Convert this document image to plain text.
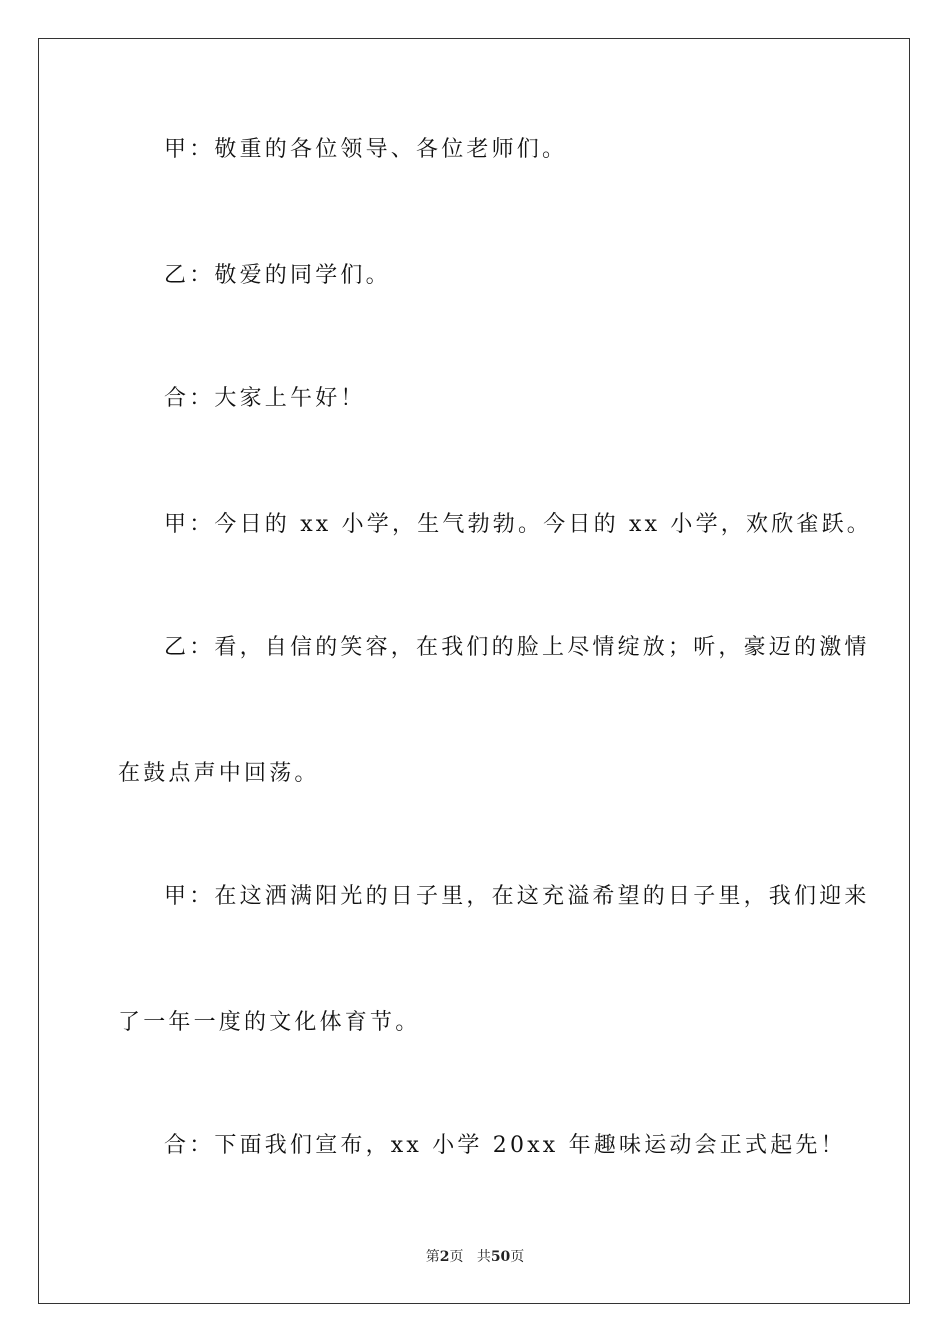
甲：敬重的各位领导、各位老师们。
乙：敬爱的同学们。
合：大家上午好！
甲：今日的 xx 小学，生气勃勃。今日的 xx 小学，欢欣雀跃。
乙：看，自信的笑容，在我们的脸上尽情绽放；听，豪迈的激情
在鼓点声中回荡。
甲：在这洒满阳光的日子里，在这充溢希望的日子里，我们迎来
了一年一度的文化体育节。
合：下面我们宣布，xx 小学 20xx 年趣味运动会正式起先！
第2页 共50页
